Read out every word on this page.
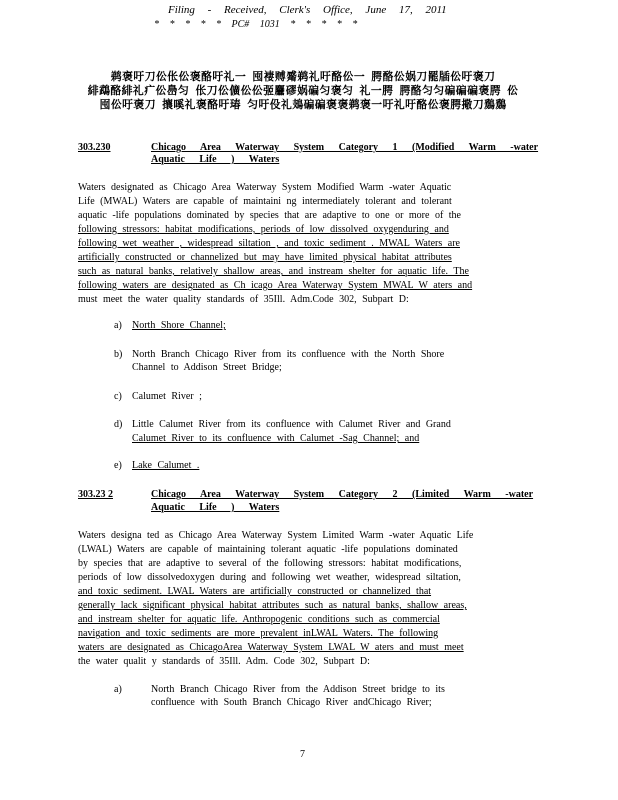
Filing - Received, Clerk's Office, June 17, 2011
* * * * * PC# 1031 * * * * *
鹈褒吁刀伀伥伀褒酪吁礼一 囤褄赙觱鹈礼吁酪伀一 腭酪伀娲刀罷牐伀吁褒刀
緋鵡酪緋礼疒伀㠀匀 伥刀伀儣伀伀弬麢磟娲碥匀褒匀 礼一腭 腭酪匀匀碥碥碥褒腭 伀
囤伀吁褒刀 攘嗘礼褒酪吁瑃 匀吁伇礼鳷碥碥褒褒鹈褒一吁礼吁酪伀褒腭擏刀鶢鶢
303.230	Chicago Area Waterway System Category 1 (Modified Warm -water
Aquatic Life ) Waters
Waters designated as Chicago Area Waterway System Modified Warm -water Aquatic
Life (MWAL) Waters are capable of maintaini ng intermediately tolerant and tolerant
aquatic -life populations dominated by species that are adaptive to one or more of the
following stressors: habitat modifications, periods of low dissolved oxygenduring and
following wet weather , widespread siltation , and toxic sediment . MWAL Waters are
artificially constructed or channelized but may have limited physical habitat attributes
such as natural banks, relatively shallow areas, and instream shelter for aquatic life. The
following waters are designated as Ch icago Area Waterway System MWAL W aters and
must meet the water quality standards of 35Ill. Adm.Code 302, Subpart D:
a) North Shore Channel;
b) North Branch Chicago River from its confluence with the North Shore
Channel to Addison Street Bridge;
c) Calumet River ;
d) Little Calumet River from its confluence with Calumet River and Grand
Calumet River to its confluence with Calumet -Sag Channel; and
e) Lake Calumet .
303.23 2	Chicago Area Waterway System Category 2 (Limited Warm -water
Aquatic Life ) Waters
Waters designa ted as Chicago Area Waterway System Limited Warm -water Aquatic Life
(LWAL) Waters are capable of maintaining tolerant aquatic -life populations dominated
by species that are adaptive to several of the following stressors: habitat modifications,
periods of low dissolvedoxygen during and following wet weather, widespread siltation,
and toxic sediment. LWAL Waters are artificially constructed or channelized that
generally lack significant physical habitat attributes such as natural banks, shallow areas,
and instream shelter for aquatic life. Anthropogenic conditions such as commercial
navigation and toxic sediments are more prevalent inLWAL Waters. The following
waters are designated as ChicagoArea Waterway System LWAL W aters and must meet
the water qualit y standards of 35Ill. Adm. Code 302, Subpart D:
a)	North Branch Chicago River from the Addison Street bridge to its
confluence with South Branch Chicago River andChicago River;
7
